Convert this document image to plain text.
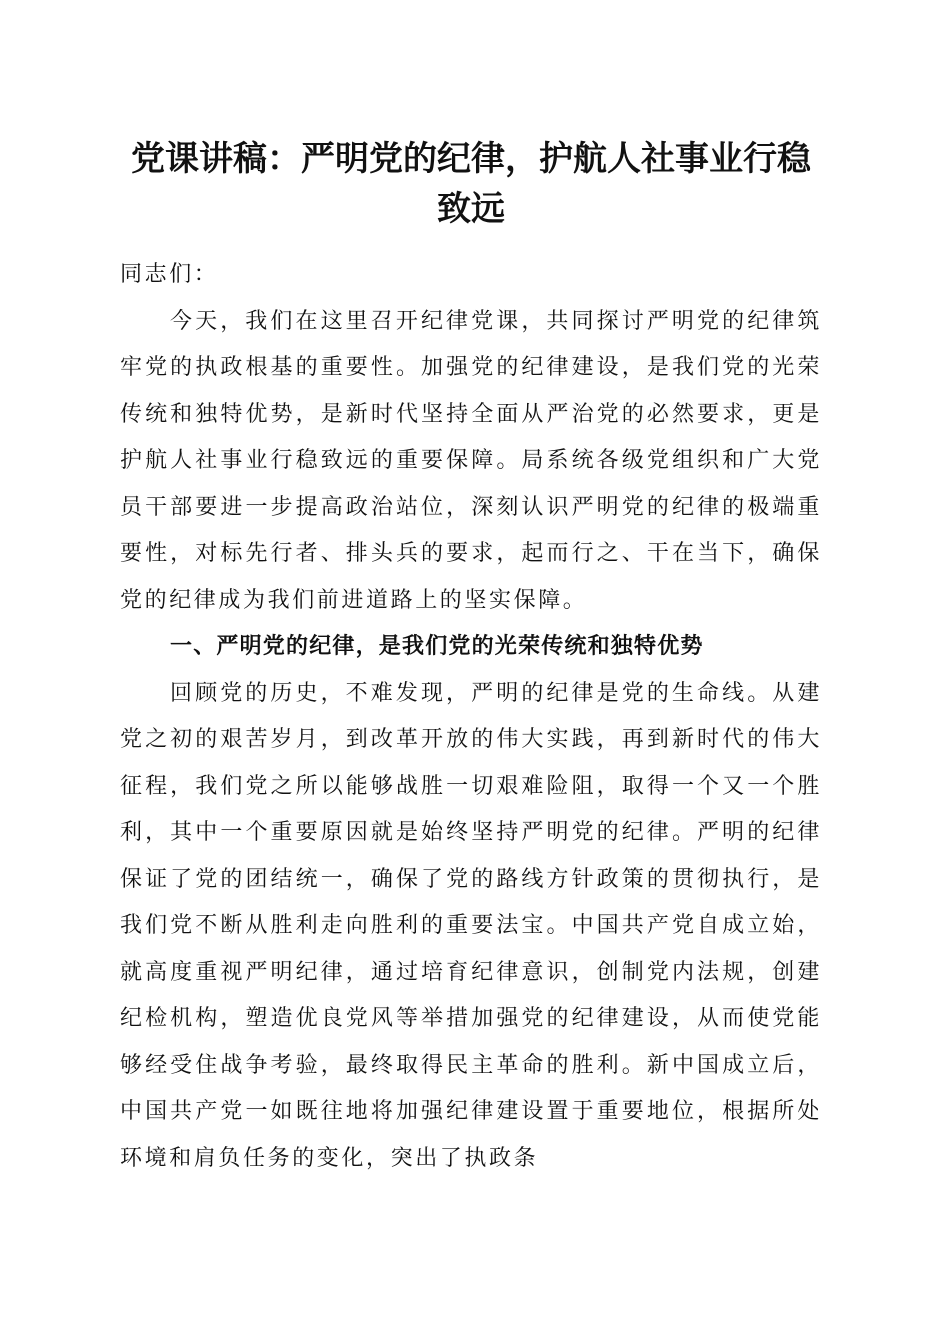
党课讲稿：严明党的纪律，护航人社事业行稳
致远

同志们：

今天，我们在这里召开纪律党课，共同探讨严明党的纪律筑牢党的执政根基的重要性。加强党的纪律建设，是我们党的光荣传统和独特优势，是新时代坚持全面从严治党的必然要求，更是护航人社事业行稳致远的重要保障。局系统各级党组织和广大党员干部要进一步提高政治站位，深刻认识严明党的纪律的极端重要性，对标先行者、排头兵的要求，起而行之、干在当下，确保党的纪律成为我们前进道路上的坚实保障。

一、严明党的纪律，是我们党的光荣传统和独特优势

回顾党的历史，不难发现，严明的纪律是党的生命线。从建党之初的艰苦岁月，到改革开放的伟大实践，再到新时代的伟大征程，我们党之所以能够战胜一切艰难险阻，取得一个又一个胜利，其中一个重要原因就是始终坚持严明党的纪律。严明的纪律保证了党的团结统一，确保了党的路线方针政策的贯彻执行，是我们党不断从胜利走向胜利的重要法宝。中国共产党自成立始，就高度重视严明纪律，通过培育纪律意识，创制党内法规，创建纪检机构，塑造优良党风等举措加强党的纪律建设，从而使党能够经受住战争考验，最终取得民主革命的胜利。新中国成立后，中国共产党一如既往地将加强纪律建设置于重要地位，根据所处环境和肩负任务的变化，突出了执政条
